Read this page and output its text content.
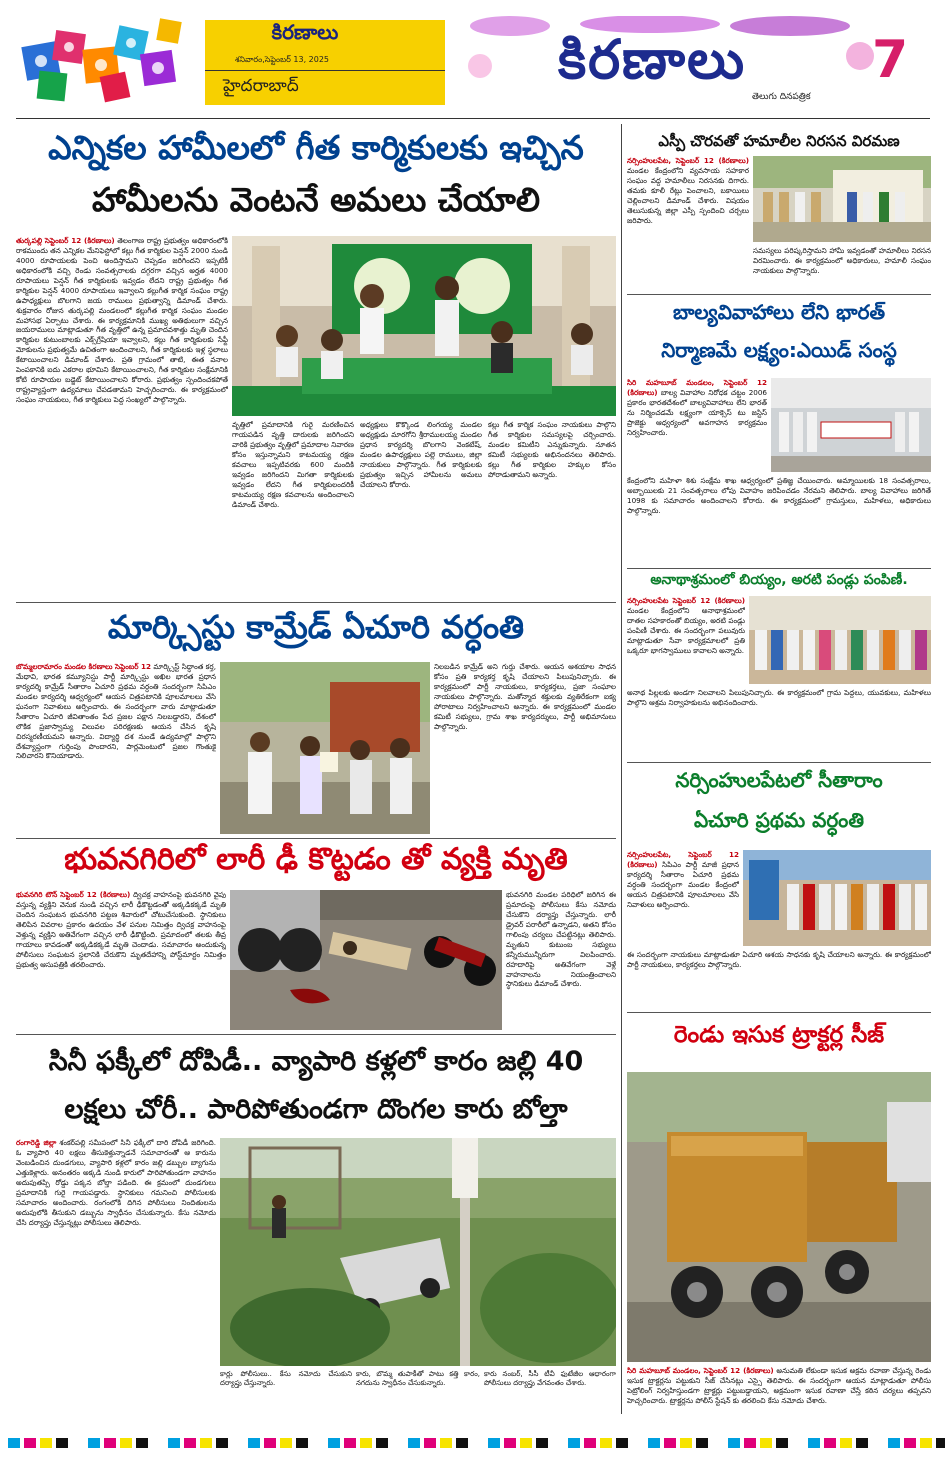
కిరణాలు
శనివారం,సెప్టెంబర్ 13, 2025
హైదరాబాద్	కిరణాలు	7
తెలుగు దినపత్రిక
ఎన్నికల హామీలలో గీత కార్మికులకు ఇచ్చిన
హామీలను వెంటనే అమలు చేయాలి
తుర్కపల్లి సెప్టెంబర్ 12 (కిరణాలు) తెలంగాణ రాష్ట్ర ప్రభుత్వం అధికారంలోకి రాకముందు తన ఎన్నికల మేనిఫెస్టోలో కల్లు గీత కార్మికుల పెన్షన్ 2000 నుండి 4000 రూపాయలకు పెంచి అందిస్తామని చెప్పడం జరిగిందని ఇప్పటికీ అధికారంలోకి వచ్చి రెండు సంవత్సరాలకు దగ్గరగా వచ్చిన అర్హత 4000 రూపాయలు పెన్షన్ గీత కార్మికులకు ఇవ్వడం లేదని రాష్ట్ర ప్రభుత్వం గీత కార్మికుల పెన్షన్ 4000 రూపాయలు ఇవ్వాలని కల్లుగీత కార్మిక సంఘం రాష్ట్ర ఉపాధ్యక్షులు బొలగాని జయ రాములు ప్రభుత్వాన్ని డిమాండ్ చేశారు. శుక్రవారం రోజున తుర్కపల్లి మండలంలో కల్లుగీత కార్మిక సంఘం మండల మహాసభ ఏర్పాటు చేశారు. ఈ కార్యక్రమానికి ముఖ్య అతిథులుగా వచ్చిన జయరాములు మాట్లాడుతూ గీత వృత్తిలో ఉన్న ప్రమాదవశాత్తు మృతి చెందిన కార్మికుల కుటుంబాలకు ఎక్స్‌గ్రేషియా ఇవ్వాలని, కల్లు గీత కార్మికులకు సేఫ్టీ మోకులను ప్రభుత్వమే ఉచితంగా అందించాలని, గీత కార్మికులకు ఇళ్ల స్థలాలు కేటాయించాలని డిమాండ్ చేశారు. ప్రతి గ్రామంలో తాటి, ఈత వనాల పెంపకానికి ఐదు ఎకరాల భూమిని కేటాయించాలని, గీత కార్మికుల సంక్షేమానికి కోటి రూపాయల బడ్జెట్ కేటాయించాలని కోరారు. ప్రభుత్వం స్పందించకపోతే రాష్ట్రవ్యాప్తంగా ఉద్యమాలు చేపడతామని హెచ్చరించారు. ఈ కార్యక్రమంలో సంఘం నాయకులు, గీత కార్మికులు పెద్ద సంఖ్యలో పాల్గొన్నారు.
వృత్తిలో ప్రమాదానికి గురై మరణించిన గాయపడిన వృత్తి దారులకు జరిగిందని వారికి ప్రభుత్వం వృత్తిలో ప్రమాదాల నివారణ కోసం ఇస్తున్నామని కాటమయ్య రక్షణ కవచాలు ఇప్పటివరకు 600 మందికి ఇవ్వడం జరిగిందని మిగతా కార్మికులకు ఇవ్వడం లేదని గీత కార్మికులందరికీ కాటమయ్య రక్షణ కవచాలను అందించాలని డిమాండ్ చేశారు.
అధ్యక్షులు కొక్కొండ లింగయ్య మండల అధ్యక్షుడు మారగోని శ్రీరాములయ్య మండల ప్రధాన కార్యదర్శి బొలగాని వెంకటేష్, మండల ఉపాధ్యక్షులు పల్లె రాములు, జిల్లా నాయకులు పాల్గొన్నారు. గీత కార్మికులకు ప్రభుత్వం ఇచ్చిన హామీలను అమలు చేయాలని కోరారు.
కల్లు గీత కార్మిక సంఘం నాయకులు పాల్గొని గీత కార్మికుల సమస్యలపై చర్చించారు. మండల కమిటీని ఎన్నుకున్నారు. నూతన కమిటీ సభ్యులకు అభినందనలు తెలిపారు. కల్లు గీత కార్మికుల హక్కుల కోసం పోరాడుతామని అన్నారు.
మార్క్సిస్టు కామ్రేడ్ ఏచూరి వర్ధంతి
బొమ్మలరామారం మండల కిరణాలు సెప్టెంబర్ 12 మార్క్సిస్ట్ సిద్ధాంత కర్త, మేధావి, భారత కమ్యూనిస్టు పార్టీ మార్క్సిస్టు అఖిల భారత ప్రధాన కార్యదర్శి కామ్రేడ్ సీతారాం ఏచూరి ప్రథమ వర్ధంతి సందర్భంగా సిపిఎం మండల కార్యదర్శి ఆధ్వర్యంలో ఆయన చిత్రపటానికి పూలమాలలు వేసి ఘనంగా నివాళులు అర్పించారు. ఈ సందర్భంగా వారు మాట్లాడుతూ సీతారాం ఏచూరి జీవితాంతం పేద ప్రజల పక్షాన నిలబడ్డారని, దేశంలో లౌకిక ప్రజాస్వామ్య విలువల పరిరక్షణకు ఆయన చేసిన కృషి చిరస్మరణీయమని అన్నారు. విద్యార్థి దశ నుండే ఉద్యమాల్లో పాల్గొని దేశవ్యాప్తంగా గుర్తింపు పొందారని, పార్లమెంటులో ప్రజల గొంతుకై నిలిచారని కొనియాడారు.
నిలబడిన కామ్రేడ్ అని గుర్తు చేశారు. ఆయన ఆశయాల సాధన కోసం ప్రతి కార్యకర్త కృషి చేయాలని పిలుపునిచ్చారు. ఈ కార్యక్రమంలో పార్టీ నాయకులు, కార్యకర్తలు, ప్రజా సంఘాల నాయకులు పాల్గొన్నారు. మతోన్మాద శక్తులకు వ్యతిరేకంగా ఐక్య పోరాటాలు నిర్వహించాలని అన్నారు. ఈ కార్యక్రమంలో మండల కమిటీ సభ్యులు, గ్రామ శాఖ కార్యదర్శులు, పార్టీ అభిమానులు పాల్గొన్నారు.
భువనగిరిలో లారీ ఢీ కొట్టడం తో వ్యక్తి మృతి
భువనగిరి టౌన్ సెప్టెంబర్ 12 (కిరణాలు) ద్విచక్ర వాహనంపై భువనగిరి వైపు వస్తున్న వ్యక్తిని వెనుక నుండి వచ్చిన లారీ ఢీకొట్టడంతో అక్కడికక్కడే మృతి చెందిన సంఘటన భువనగిరి పట్టణ శివారులో చోటుచేసుకుంది. స్థానికులు తెలిపిన వివరాల ప్రకారం ఉదయం వేళ పనుల నిమిత్తం ద్విచక్ర వాహనంపై వెళ్తున్న వ్యక్తిని అతివేగంగా వచ్చిన లారీ ఢీకొట్టింది. ప్రమాదంలో తలకు తీవ్ర గాయాలు కావడంతో అక్కడికక్కడే మృతి చెందాడు. సమాచారం అందుకున్న పోలీసులు సంఘటన స్థలానికి చేరుకొని మృతదేహాన్ని పోస్ట్‌మార్టం నిమిత్తం ప్రభుత్వ ఆసుపత్రికి తరలించారు.
భువనగిరి మండల పరిధిలో జరిగిన ఈ ప్రమాదంపై పోలీసులు కేసు నమోదు చేసుకొని దర్యాప్తు చేస్తున్నారు. లారీ డ్రైవర్ పరారీలో ఉన్నాడని, అతని కోసం గాలింపు చర్యలు చేపట్టినట్లు తెలిపారు. మృతుని కుటుంబ సభ్యులు కన్నీరుమున్నీరుగా విలపించారు. రహదారిపై అతివేగంగా వెళ్లే వాహనాలను నియంత్రించాలని స్థానికులు డిమాండ్ చేశారు.
సినీ ఫక్కీలో దోపిడీ.. వ్యాపారి కళ్లలో కారం జల్లి 40
లక్షలు చోరీ.. పారిపోతుండగా దొంగల కారు బోల్తా
రంగారెడ్డి జిల్లా శంకర్‌పల్లి సమీపంలో సినీ ఫక్కీలో దారి దోపిడీ జరిగింది. ఓ వ్యాపారి 40 లక్షలు తీసుకెళ్తున్నాడనే సమాచారంతో ఆ కారును వెంబడించిన దుండగులు, వ్యాపారి కళ్లలో కారం జల్లి డబ్బుల బ్యాగును ఎత్తుకెళ్లారు. అనంతరం అక్కడి నుండి కారులో పారిపోతుండగా వాహనం అదుపుతప్పి రోడ్డు పక్కన బోల్తా పడింది. ఈ క్రమంలో దుండగులు ప్రమాదానికి గురై గాయపడ్డారు. స్థానికులు గమనించి పోలీసులకు సమాచారం అందించారు. రంగంలోకి దిగిన పోలీసులు నిందితులను అదుపులోకి తీసుకుని డబ్బును స్వాధీనం చేసుకున్నారు. కేసు నమోదు చేసి దర్యాప్తు చేస్తున్నట్లు పోలీసులు తెలిపారు.
కార్లు పోలీసులు.. కేసు నమోదు చేసుకుని దర్యాప్తు చేస్తున్నారు.
కారు, బొమ్మ తుపాకీతో పాటు కత్తి కారం, నగదును స్వాధీనం చేసుకున్నారు.
కారు నంబర్, సీసీ టీవీ ఫుటేజీల ఆధారంగా పోలీసులు దర్యాప్తు వేగవంతం చేశారు.
ఎస్పీ చొరవతో హమాలీల నిరసన విరమణ
నర్సింహులపేట, సెప్టెంబర్ 12 (కిరణాలు) మండల కేంద్రంలోని వ్యవసాయ సహకార సంఘం వద్ద హమాలీలు నిరసనకు దిగారు. తమకు కూలీ రేట్లు పెంచాలని, బకాయిలు చెల్లించాలని డిమాండ్ చేశారు. విషయం తెలుసుకున్న జిల్లా ఎస్పీ స్పందించి చర్చలు జరిపారు.
సమస్యలు పరిష్కరిస్తామని హామీ ఇవ్వడంతో హమాలీలు నిరసన విరమించారు. ఈ కార్యక్రమంలో అధికారులు, హమాలీ సంఘం నాయకులు పాల్గొన్నారు.
బాల్యవివాహాలు లేని భారత్
నిర్మాణమే లక్ష్యం:ఎయిడ్ సంస్థ
సిరి మహబూబ్ మండలం, సెప్టెంబర్ 12 (కిరణాలు) బాల్య వివాహాల నిరోధక చట్టం 2006 ప్రకారం భారతదేశంలో బాల్యవివాహాలు లేని భారత్ ను నిర్మించడమే లక్ష్యంగా యాక్సెస్ టు జస్టిస్ ప్రాజెక్టు ఆధ్వర్యంలో అవగాహన కార్యక్రమం నిర్వహించారు.
కేంద్రంలోని మహిళా శిశు సంక్షేమ శాఖ ఆధ్వర్యంలో ప్రతిజ్ఞ చేయించారు. అమ్మాయిలకు 18 సంవత్సరాలు, అబ్బాయిలకు 21 సంవత్సరాలు లోపు వివాహం జరిపించడం నేరమని తెలిపారు. బాల్య వివాహాలు జరిగితే 1098 కు సమాచారం అందించాలని కోరారు. ఈ కార్యక్రమంలో గ్రామస్తులు, మహిళలు, అధికారులు పాల్గొన్నారు.
అనాథాశ్రమంలో బియ్యం, అరటి పండ్లు పంపిణీ.
నర్సింహులపేట సెప్టెంబర్ 12 (కిరణాలు) మండల కేంద్రంలోని అనాథాశ్రమంలో దాతల సహకారంతో బియ్యం, అరటి పండ్లు పంపిణీ చేశారు. ఈ సందర్భంగా పలువురు మాట్లాడుతూ సేవా కార్యక్రమాలలో ప్రతి ఒక్కరూ భాగస్వాములు కావాలని అన్నారు.
అనాథ పిల్లలకు అండగా నిలవాలని పిలుపునిచ్చారు. ఈ కార్యక్రమంలో గ్రామ పెద్దలు, యువకులు, మహిళలు పాల్గొని ఆశ్రమ నిర్వాహకులను అభినందించారు.
నర్సింహులపేటలో సీతారాం
ఏచూరి ప్రథమ వర్ధంతి
నర్సింహులపేట, సెప్టెంబర్ 12 (కిరణాలు) సిపిఎం పార్టీ మాజీ ప్రధాన కార్యదర్శి సీతారాం ఏచూరి ప్రథమ వర్ధంతి సందర్భంగా మండల కేంద్రంలో ఆయన చిత్రపటానికి పూలమాలలు వేసి నివాళులు అర్పించారు.
ఈ సందర్భంగా నాయకులు మాట్లాడుతూ ఏచూరి ఆశయ సాధనకు కృషి చేయాలని అన్నారు. ఈ కార్యక్రమంలో పార్టీ నాయకులు, కార్యకర్తలు పాల్గొన్నారు.
రెండు ఇసుక ట్రాక్టర్ల సీజ్
సిరి మహబూబ్ మండలం, సెప్టెంబర్ 12 (కిరణాలు) అనుమతి లేకుండా ఇసుక అక్రమ రవాణా చేస్తున్న రెండు ఇసుక ట్రాక్టర్లను పట్టుకుని సీజ్ చేసినట్లు ఎస్సై తెలిపారు. ఈ సందర్భంగా ఆయన మాట్లాడుతూ పోలీసు పెట్రోలింగ్ నిర్వహిస్తుండగా ట్రాక్టర్లు పట్టుబడ్డాయని, అక్రమంగా ఇసుక రవాణా చేస్తే కఠిన చర్యలు తప్పవని హెచ్చరించారు. ట్రాక్టర్లను పోలీస్ స్టేషన్ కు తరలించి కేసు నమోదు చేశారు.
